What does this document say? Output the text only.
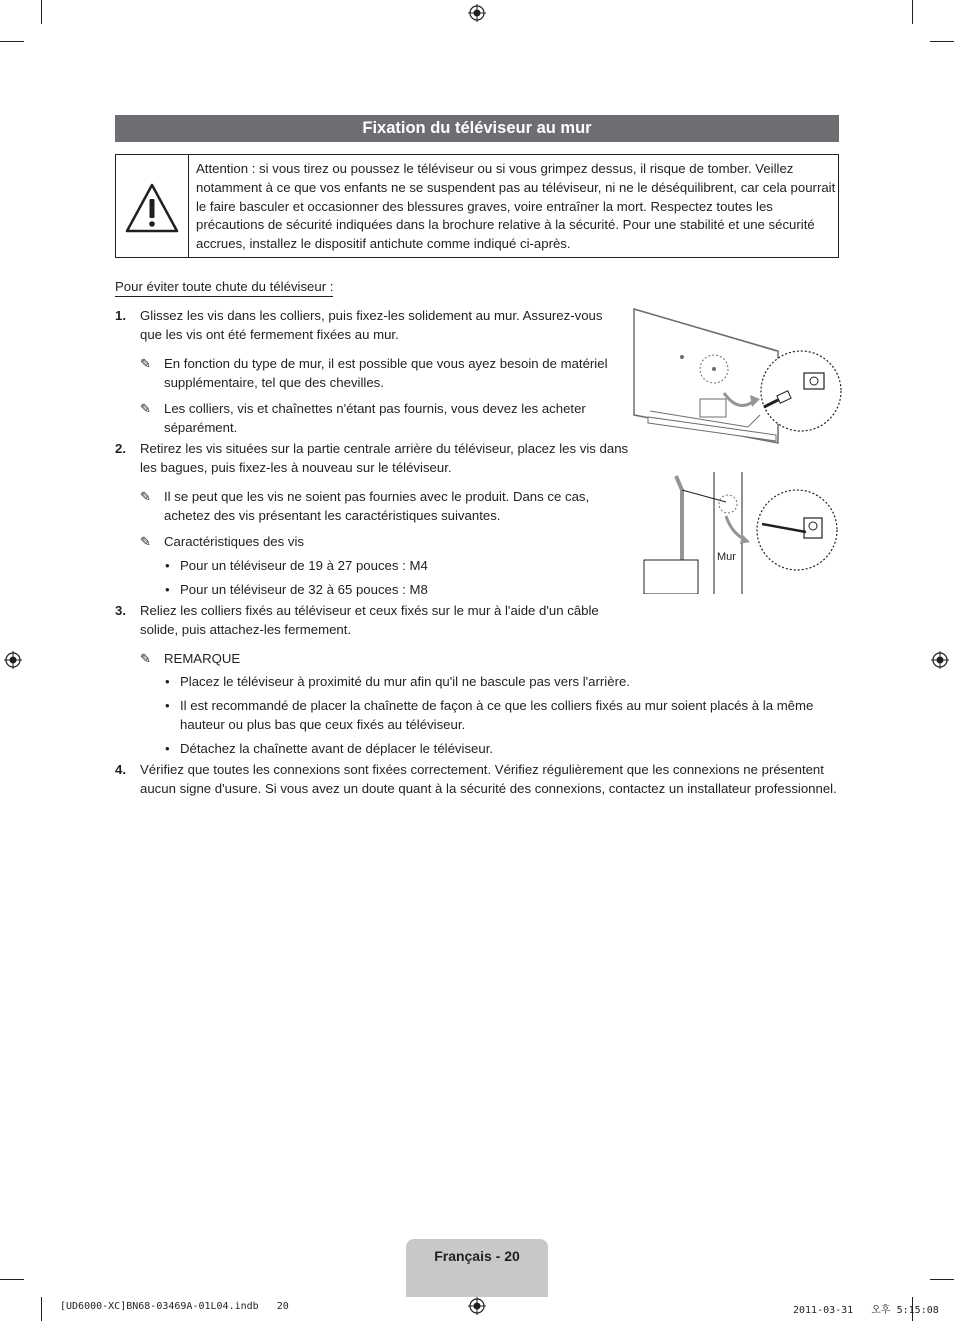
Fixation du téléviseur au mur
Attention : si vous tirez ou poussez le téléviseur ou si vous grimpez dessus, il risque de tomber. Veillez notamment à ce que vos enfants ne se suspendent pas au téléviseur, ni ne le déséquilibrent, car cela pourrait le faire basculer et occasionner des blessures graves, voire entraîner la mort. Respectez toutes les précautions de sécurité indiquées dans la brochure relative à la sécurité. Pour une stabilité et une sécurité accrues, installez le dispositif antichute comme indiqué ci-après.
Pour éviter toute chute du téléviseur :
1.	Glissez les vis dans les colliers, puis fixez-les solidement au mur. Assurez-vous
que les vis ont été fermement fixées au mur.
✎ En fonction du type de mur, il est possible que vous ayez besoin de matériel
supplémentaire, tel que des chevilles.
✎ Les colliers, vis et chaînettes n'étant pas fournis, vous devez les acheter
séparément.
2.	Retirez les vis situées sur la partie centrale arrière du téléviseur, placez les vis dans
les bagues, puis fixez-les à nouveau sur le téléviseur.
✎ Il se peut que les vis ne soient pas fournies avec le produit. Dans ce cas,
achetez des vis présentant les caractéristiques suivantes.
✎ Caractéristiques des vis
• Pour un téléviseur de 19 à 27 pouces : M4
• Pour un téléviseur de 32 à 65 pouces : M8
3.	Reliez les colliers fixés au téléviseur et ceux fixés sur le mur à l'aide d'un câble
solide, puis attachez-les fermement.
✎ REMARQUE
• Placez le téléviseur à proximité du mur afin qu'il ne bascule pas vers l'arrière.
• Il est recommandé de placer la chaînette de façon à ce que les colliers fixés au mur soient placés à la même
hauteur ou plus bas que ceux fixés au téléviseur.
• Détachez la chaînette avant de déplacer le téléviseur.
4.	Vérifiez que toutes les connexions sont fixées correctement. Vérifiez régulièrement que les connexions ne présentent
aucun signe d'usure. Si vous avez un doute quant à la sécurité des connexions, contactez un installateur professionnel.
Mur
Français - 20
[UD6000-XC]BN68-03469A-01L04.indb   20	2011-03-31   오후 5:15:08
